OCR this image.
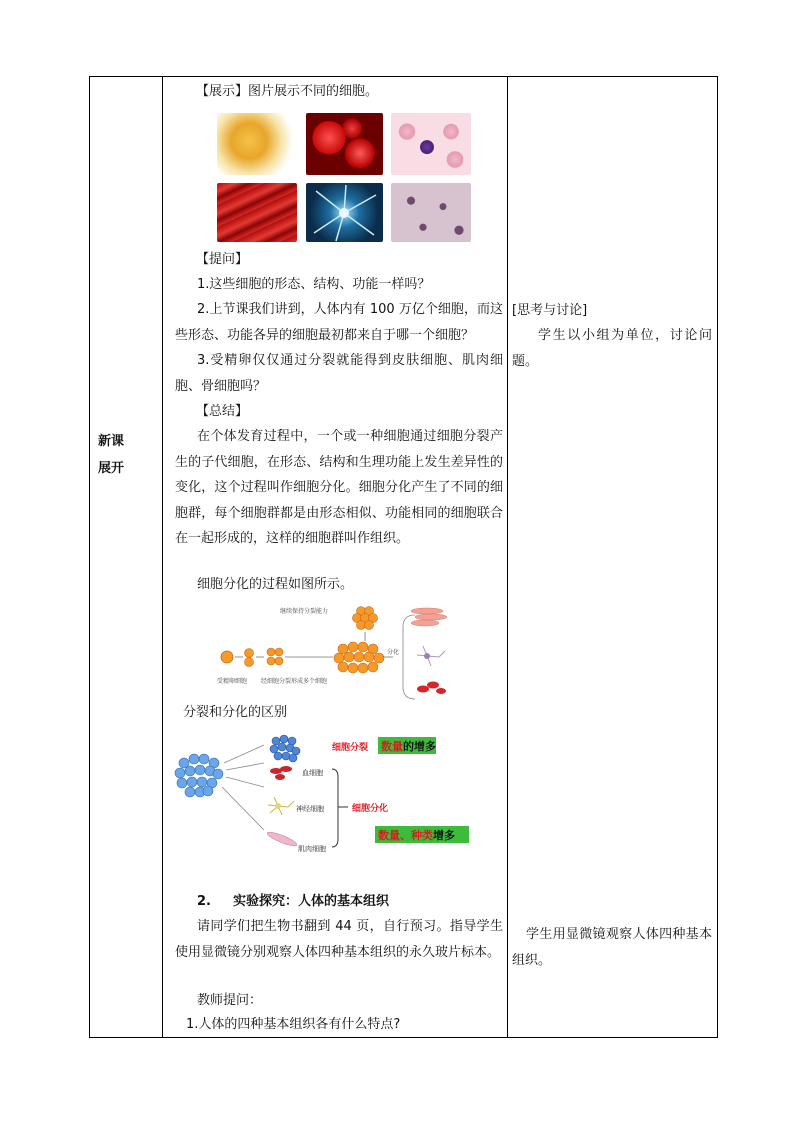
新课
展开
【展示】图片展示不同的细胞。
【提问】
1.这些细胞的形态、结构、功能一样吗？
2.上节课我们讲到，人体内有 100 万亿个细胞，而这些形态、功能各异的细胞最初都来自于哪一个细胞？
3.受精卵仅仅通过分裂就能得到皮肤细胞、肌肉细胞、骨细胞吗？
【总结】
在个体发育过程中，一个或一种细胞通过细胞分裂产生的子代细胞，在形态、结构和生理功能上发生差异性的变化，这个过程叫作细胞分化。细胞分化产生了不同的细胞群，每个细胞群都是由形态相似、功能相同的细胞联合在一起形成的，这样的细胞群叫作组织。
细胞分化的过程如图所示。
继续保持分裂能力
分化
受精卵细胞 经细胞分裂形成多个细胞
分裂和分化的区别
细胞分裂 数量的增多
血细胞
神经细胞
肌肉细胞
细胞分化
数量、种类增多
2. 实验探究：人体的基本组织
请同学们把生物书翻到 44 页，自行预习。指导学生使用显微镜分别观察人体四种基本组织的永久玻片标本。
教师提问：
1.人体的四种基本组织各有什么特点?
[思考与讨论]
学生以小组为单位，讨论问题。
学生用显微镜观察人体四种基本组织。
